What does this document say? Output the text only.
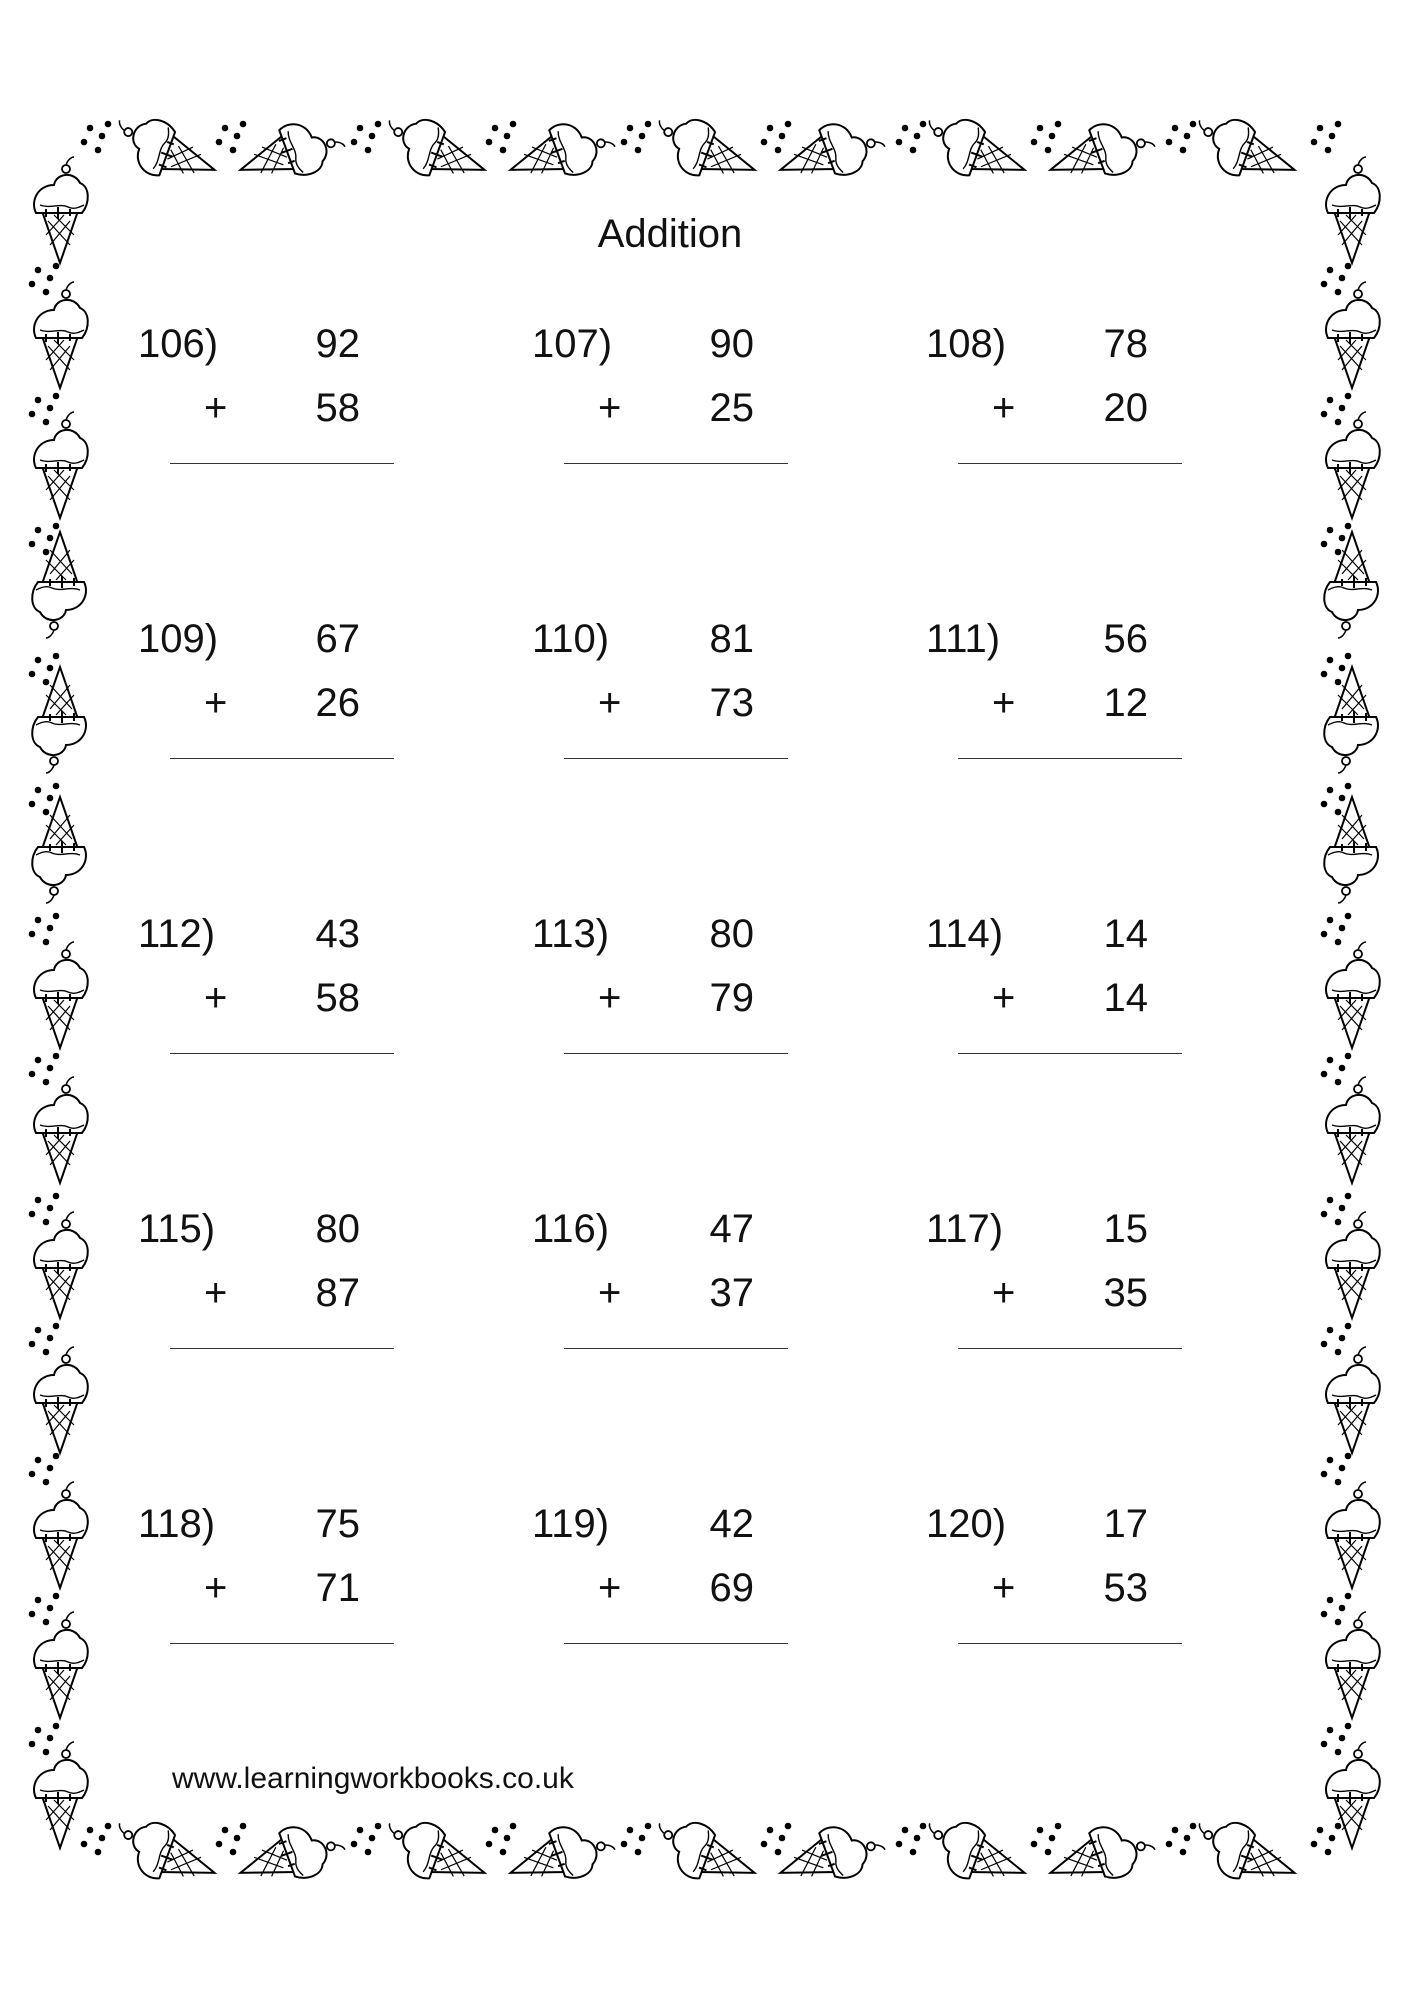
Addition
106) 92
+ 58
107) 90
+ 25
108) 78
+ 20
109) 67
+ 26
110)	81
+ 73
111)	56
+ 12
112)	43
+ 58
113)	80
+ 79
114)	14
+ 14
115)	80
+ 87
116)	47
+ 37
117)	15
+ 35
118)	75
+ 71
119)	42
+ 69
120) 17
+ 53
www.learningworkbooks.co.uk
